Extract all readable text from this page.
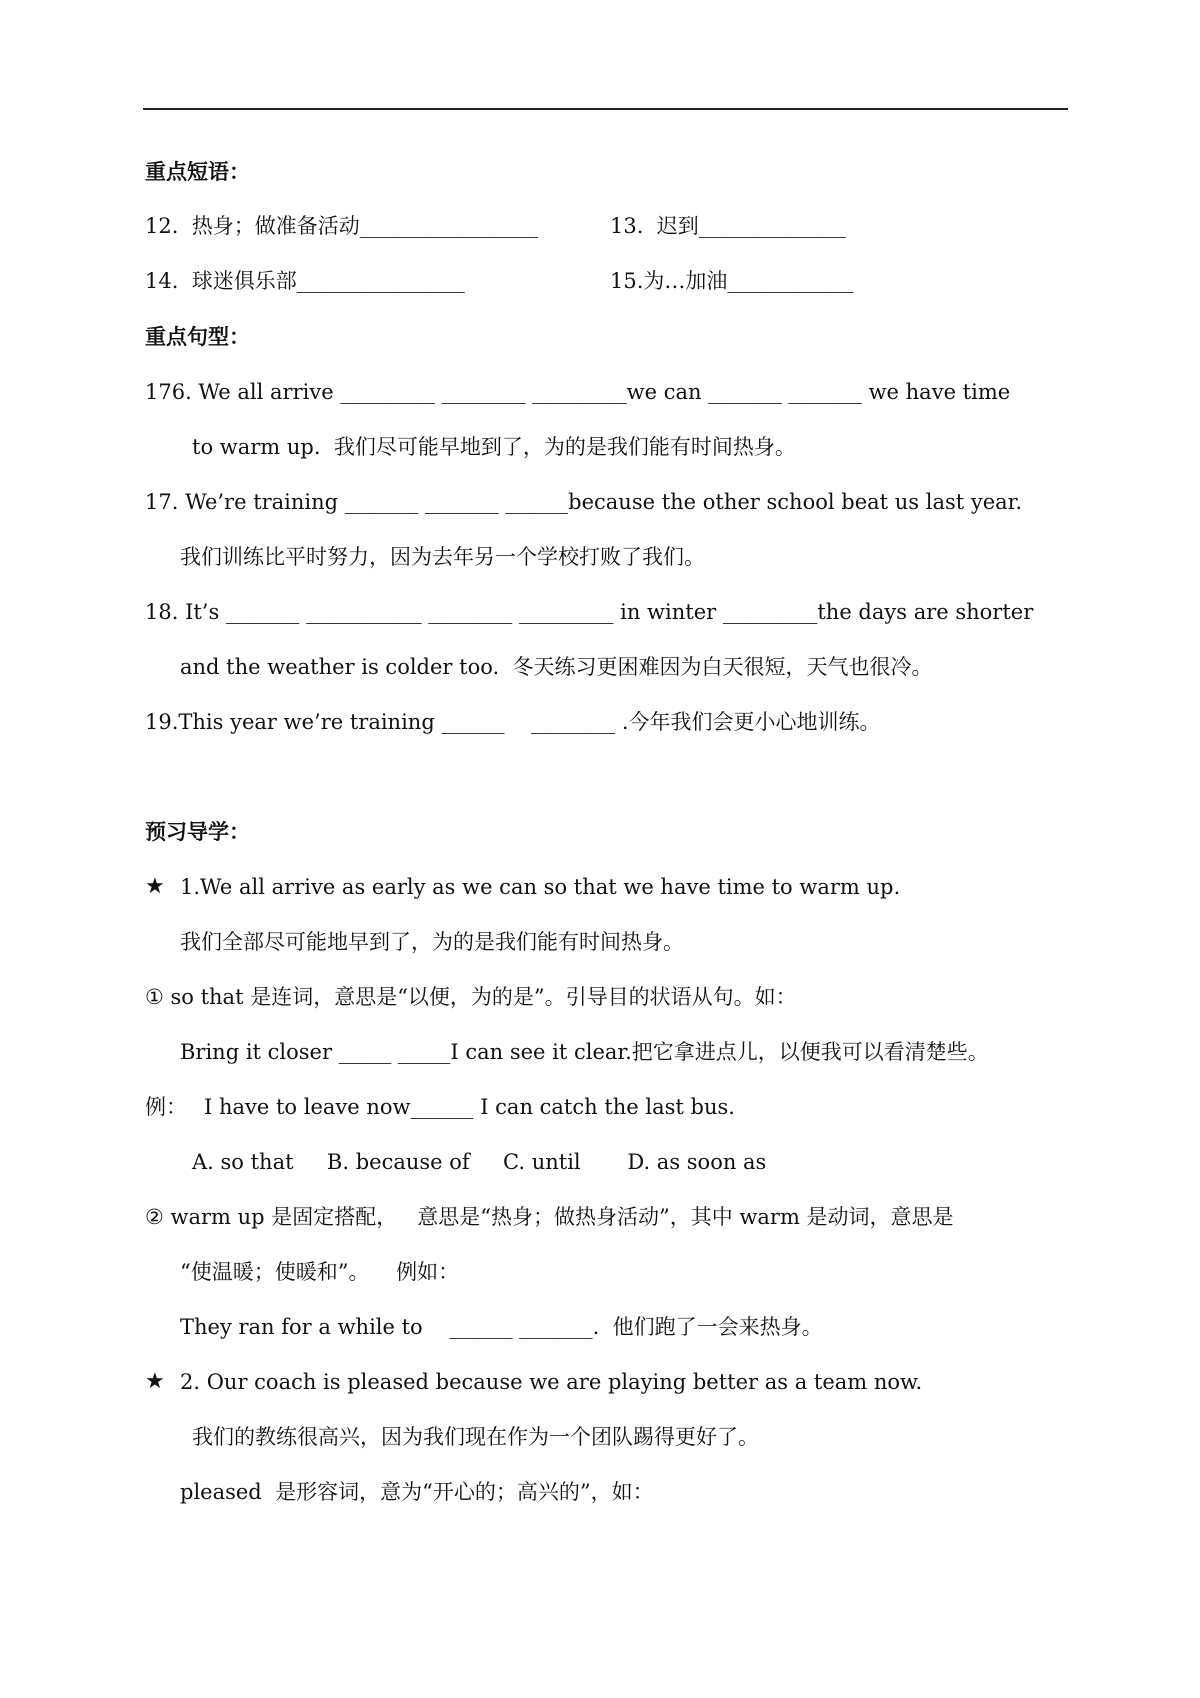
重点短语：
12.  热身；做准备活动_________________	13.  迟到______________
14.  球迷俱乐部________________	15.为…加油____________
重点句型：
176. We all arrive _________ ________ _________we can _______ _______ we have time
to warm up.  我们尽可能早地到了，为的是我们能有时间热身。
17. We’re training _______ _______ ______because the other school beat us last year.
我们训练比平时努力，因为去年另一个学校打败了我们。
18. It’s _______ ___________ ________ _________ in winter _________the days are shorter
and the weather is colder too.  冬天练习更困难因为白天很短，天气也很冷。
19.This year we’re training ______    ________ .今年我们会更小心地训练。
预习导学：
★ 1.We all arrive as early as we can so that we have time to warm up.
我们全部尽可能地早到了，为的是我们能有时间热身。
① so that 是连词，意思是“以便，为的是”。引导目的状语从句。如：
Bring it closer _____ _____I can see it clear.把它拿进点儿，以便我可以看清楚些。
例： I have to leave now______ I can catch the last bus.
A. so that     B. because of     C. until       D. as soon as
② warm up 是固定搭配，   意思是“热身；做热身活动”，其中 warm 是动词，意思是
“使温暖；使暖和”。    例如：
They ran for a while to    ______ _______.  他们跑了一会来热身。
★ 2. Our coach is pleased because we are playing better as a team now.
我们的教练很高兴，因为我们现在作为一个团队踢得更好了。
pleased  是形容词，意为“开心的；高兴的”，如：
